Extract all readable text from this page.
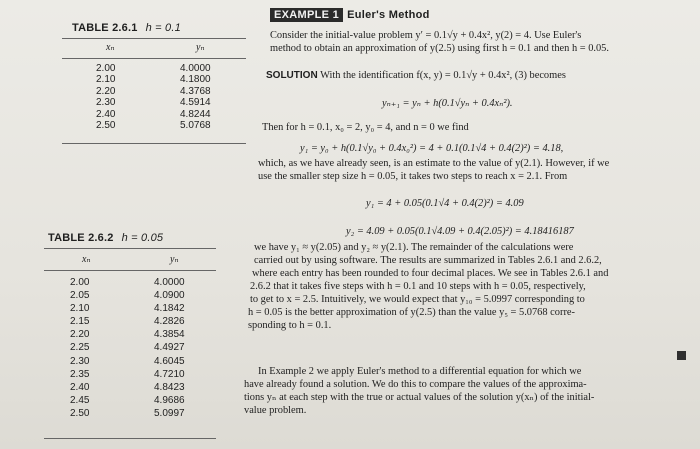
TABLE 2.6.1 h = 0.1
xₙ	yₙ
2.00
2.10
2.20
2.30
2.40
2.50
4.0000
4.1800
4.3768
4.5914
4.8244
5.0768
TABLE 2.6.2 h = 0.05
xₙ	yₙ
2.00
2.05
2.10
2.15
2.20
2.25
2.30
2.35
2.40
2.45
2.50
4.0000
4.0900
4.1842
4.2826
4.3854
4.4927
4.6045
4.7210
4.8423
4.9686
5.0997
EXAMPLE 1 Euler's Method
Consider the initial-value problem y′ = 0.1√y + 0.4x², y(2) = 4. Use Euler's
method to obtain an approximation of y(2.5) using first h = 0.1 and then h = 0.05.
SOLUTION With the identification f(x, y) = 0.1√y + 0.4x², (3) becomes
yₙ₊₁ = yₙ + h(0.1√yₙ + 0.4xₙ²).
Then for h = 0.1, x₀ = 2, y₀ = 4, and n = 0 we find
y₁ = y₀ + h(0.1√y₀ + 0.4x₀²) = 4 + 0.1(0.1√4 + 0.4(2)²) = 4.18,
which, as we have already seen, is an estimate to the value of y(2.1). However, if we
use the smaller step size h = 0.05, it takes two steps to reach x = 2.1. From
y₁ = 4 + 0.05(0.1√4 + 0.4(2)²) = 4.09
y₂ = 4.09 + 0.05(0.1√4.09 + 0.4(2.05)²) = 4.18416187
we have y₁ ≈ y(2.05) and y₂ ≈ y(2.1). The remainder of the calculations were
carried out by using software. The results are summarized in Tables 2.6.1 and 2.6.2,
where each entry has been rounded to four decimal places. We see in Tables 2.6.1 and
2.6.2 that it takes five steps with h = 0.1 and 10 steps with h = 0.05, respectively,
to get to x = 2.5. Intuitively, we would expect that y₁₀ = 5.0997 corresponding to
h = 0.05 is the better approximation of y(2.5) than the value y₅ = 5.0768 corre-
sponding to h = 0.1.
In Example 2 we apply Euler's method to a differential equation for which we
have already found a solution. We do this to compare the values of the approxima-
tions yₙ at each step with the true or actual values of the solution y(xₙ) of the initial-
value problem.
